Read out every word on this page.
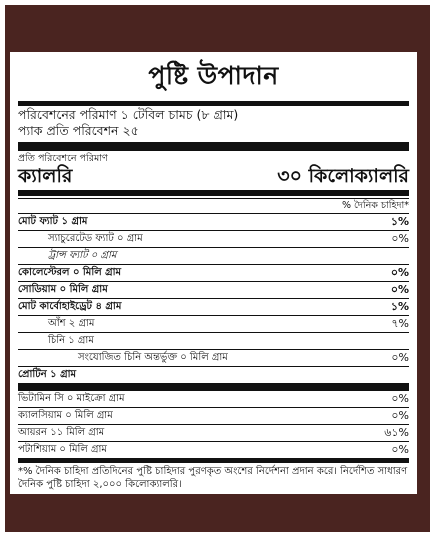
পুষ্টি উপাদান
পরিবেশনের পরিমাণ ১ টেবিল চামচ (৮ গ্রাম)
প্যাক প্রতি পরিবেশন ২৫
প্রতি পরিবেশনে পরিমাণ
ক্যালরি	৩০ কিলোক্যালরি
% দৈনিক চাহিদা*
মোট ফ্যাট ১ গ্রাম	১%
স্যাচুরেটেড ফ্যাট ০ গ্রাম	০%
ট্রান্স ফ্যাট ০ গ্রাম
কোলেস্টেরল ০ মিলি গ্রাম	০%
সোডিয়াম ০ মিলি গ্রাম	০%
মোট কার্বোহাইড্রেট ৪ গ্রাম	১%
আঁশ ২ গ্রাম	৭%
চিনি ১ গ্রাম
সংযোজিত চিনি অন্তর্ভুক্ত ০ মিলি গ্রাম	০%
প্রোটিন ১ গ্রাম
ভিটামিন সি ০ মাইক্রো গ্রাম	০%
ক্যালসিয়াম ০ মিলি গ্রাম	০%
আয়রন ১১ মিলি গ্রাম	৬১%
পটাশিয়াম ০ মিলি গ্রাম	০%
*% দৈনিক চাহিদা প্রতিদিনের পুষ্টি চাহিদার পুরণকৃত অংশের নির্দেশনা প্রদান করে। নির্দেশিত সাধারণ দৈনিক পুষ্টি চাহিদা ২,০০০ কিলোক্যালরি।
